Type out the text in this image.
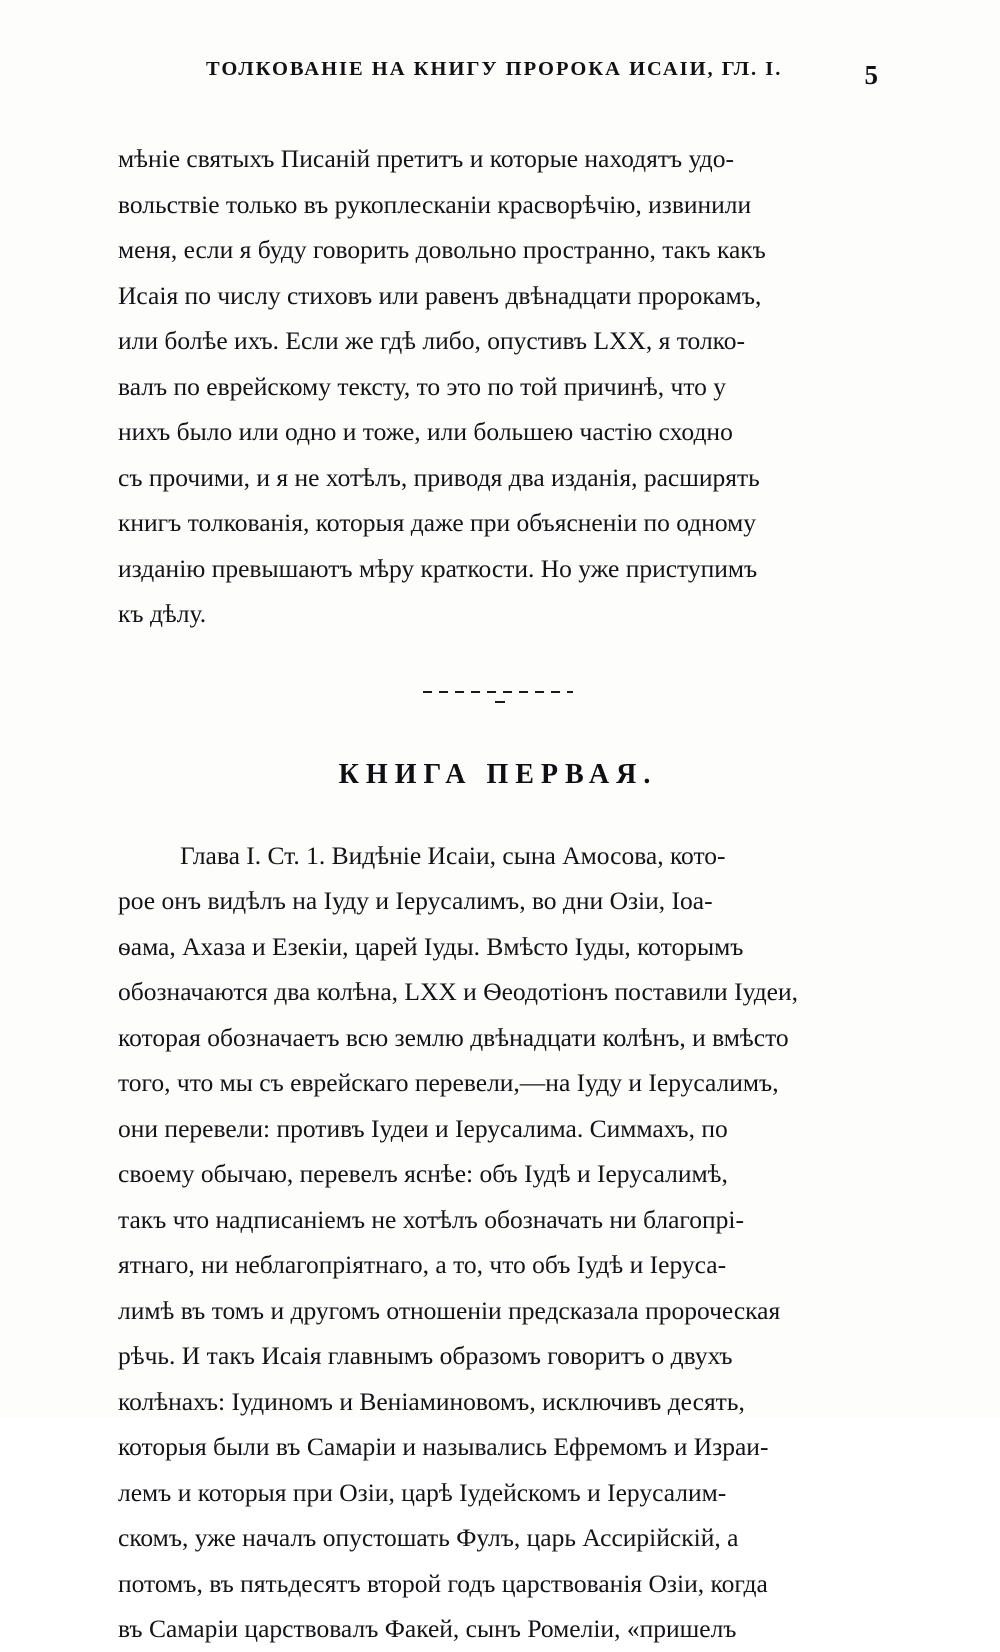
ТОЛКОВАНІЕ НА КНИГУ ПРОРОКА ИСАІИ, ГЛ. I.	5
мѣніе святыхъ Писаній претитъ и которые находятъ удо-
вольствіе только въ рукоплесканіи красворѣчію, извинили
меня, если я буду говорить довольно пространно, такъ какъ
Исаія по числу стиховъ или равенъ двѣнадцати пророкамъ,
или болѣе ихъ. Если же гдѣ либо, опустивъ LXX, я толко-
валъ по еврейскому тексту, то это по той причинѣ, что у
нихъ было или одно и тоже, или большею частію сходно
съ прочими, и я не хотѣлъ, приводя два изданія, расширять
книгъ толкованія, которыя даже при объясненіи по одному
изданію превышаютъ мѣру краткости. Но уже приступимъ
къ дѣлу.
КНИГА ПЕРВАЯ.
Глава I. Ст. 1. Видѣніе Исаіи, сына Амосова, кото-
рое онъ видѣлъ на Іуду и Іерусалимъ, во дни Озіи, Іоа-
ѳама, Ахаза и Езекіи, царей Іуды. Вмѣсто Іуды, которымъ
обозначаются два колѣна, LXX и Ѳеодотіонъ поставили Іудеи,
которая обозначаетъ всю землю двѣнадцати колѣнъ, и вмѣсто
того, что мы съ еврейскаго перевели,—на Іуду и Іерусалимъ,
они перевели: противъ Іудеи и Іерусалима. Симмахъ, по
своему обычаю, перевелъ яснѣе: объ Іудѣ и Іерусалимѣ,
такъ что надписаніемъ не хотѣлъ обозначать ни благопрі-
ятнаго, ни неблагопріятнаго, а то, что объ Іудѣ и Іеруса-
лимѣ въ томъ и другомъ отношеніи предсказала пророческая
рѣчь. И такъ Исаія главнымъ образомъ говоритъ о двухъ
колѣнахъ: Іудиномъ и Веніаминовомъ, исключивъ десять,
которыя были въ Самаріи и назывались Ефремомъ и Израи-
лемъ и которыя при Озіи, царѣ Іудейскомъ и Іерусалим-
скомъ, уже началъ опустошать Фулъ, царь Ассирійскій, а
потомъ, въ пятьдесятъ второй годъ царствованія Озіи, когда
въ Самаріи царствовалъ Факей, сынъ Ромеліи, «пришелъ
